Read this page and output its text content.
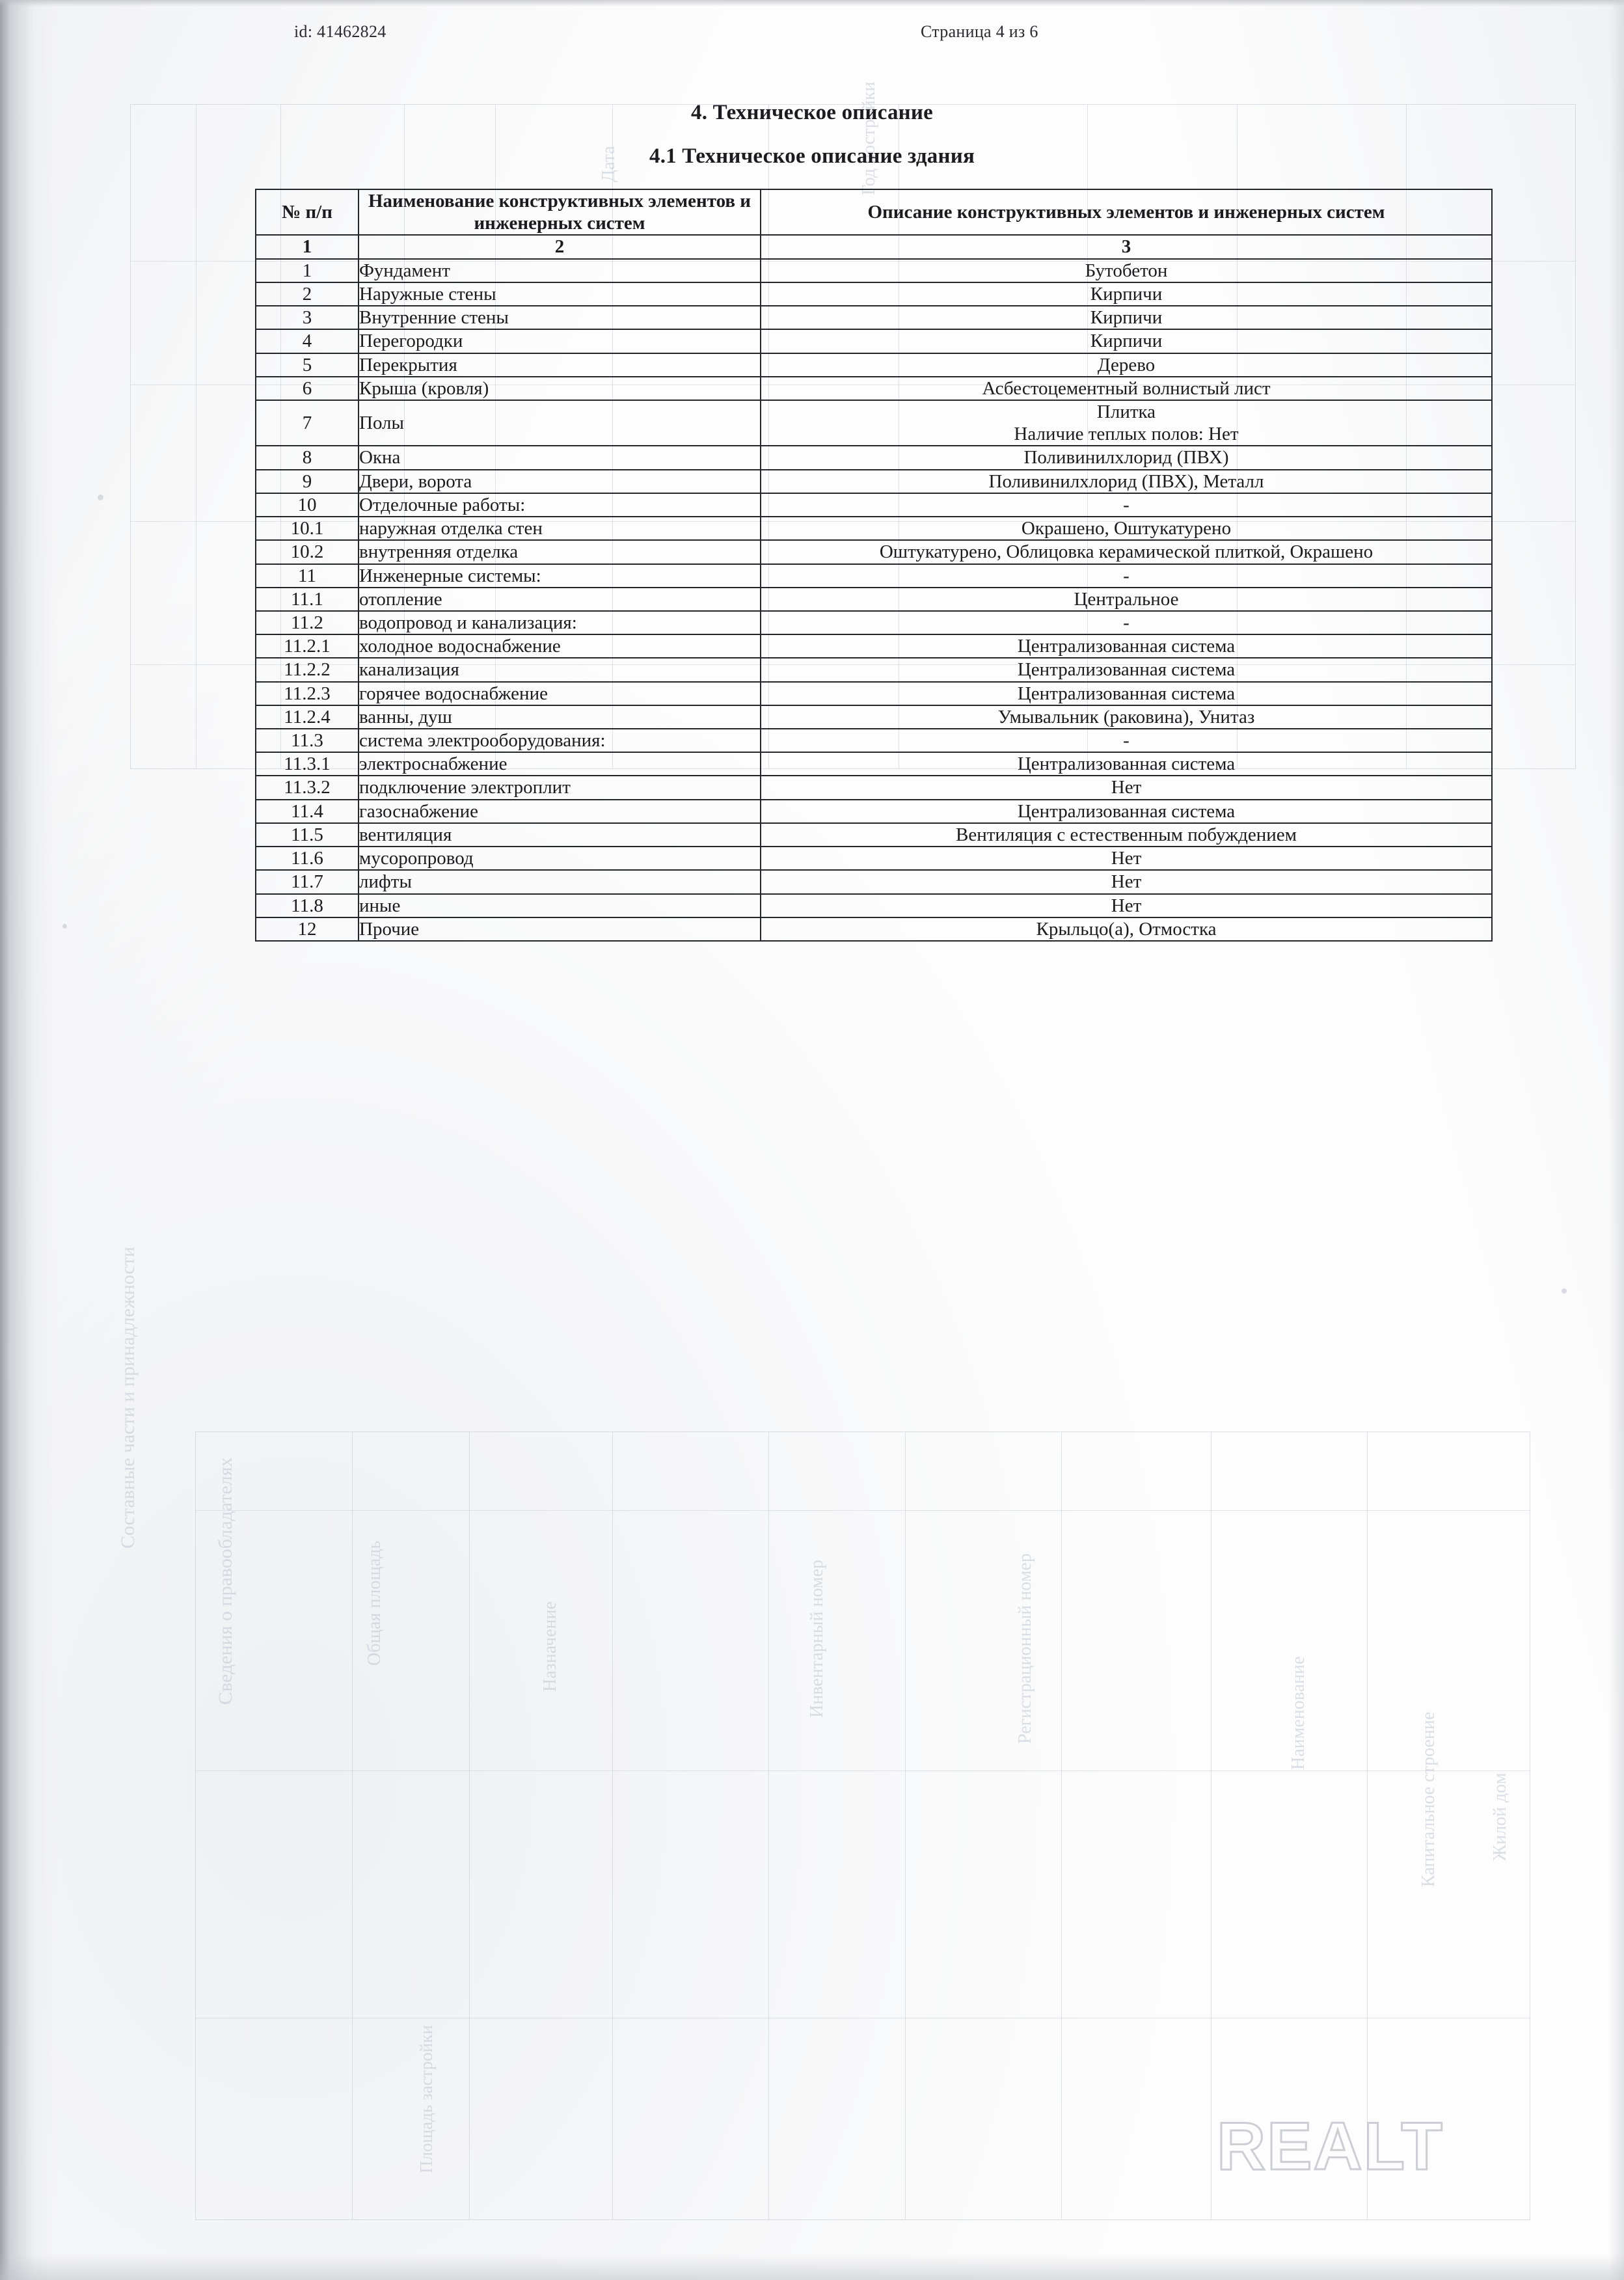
Сведения о правообладателях	Общая площадь	Назначение	Инвентарный номер	Регистрационный номер	Наименование
Составные части и принадлежности
Капитальное строение	Жилой дом
Площадь застройки
Дата	Год постройки
id: 41462824	Страница 4 из 6
4. Техническое описание
4.1 Техническое описание здания
№ п/п	Наименование конструктивных элементов и инженерных систем	Описание конструктивных элементов и инженерных систем
1	2	3
1	Фундамент	Бутобетон
2	Наружные стены	Кирпичи
3	Внутренние стены	Кирпичи
4	Перегородки	Кирпичи
5	Перекрытия	Дерево
6	Крыша (кровля)	Асбестоцементный волнистый лист
7	Полы	Плитка
Наличие теплых полов: Нет

8	Окна	Поливинилхлорид (ПВХ)
9	Двери, ворота	Поливинилхлорид (ПВХ), Металл
10	Отделочные работы:	-
10.1	наружная отделка стен	Окрашено, Оштукатурено
10.2	внутренняя отделка	Оштукатурено, Облицовка керамической плиткой, Окрашено
11	Инженерные системы:	-
11.1	отопление	Центральное
11.2	водопровод и канализация:	-
11.2.1	холодное водоснабжение	Централизованная система
11.2.2	канализация	Централизованная система
11.2.3	горячее водоснабжение	Централизованная система
11.2.4	ванны, душ	Умывальник (раковина), Унитаз
11.3	система электрооборудования:	-
11.3.1	электроснабжение	Централизованная система
11.3.2	подключение электроплит	Нет
11.4	газоснабжение	Централизованная система
11.5	вентиляция	Вентиляция с естественным побуждением
11.6	мусоропровод	Нет
11.7	лифты	Нет
11.8	иные	Нет
12	Прочие	Крыльцо(а), Отмостка
REALT
